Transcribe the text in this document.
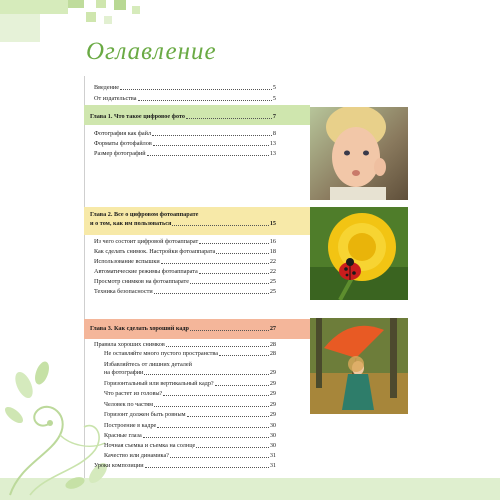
Оглавление
Введение	5
От издательства	5
Глава 1. Что такое цифровое фото	7
Фотография как файл	8
Форматы фотофайлов	13
Размер фотографий	13
Глава 2. Все о цифровом фотоаппарате
и о том, как им пользоваться	15
Из чего состоит цифровой фотоаппарат	16
Как сделать снимок. Настройки фотоаппарата	18
Использование вспышки	22
Автоматические режимы фотоаппарата	22
Просмотр снимков на фотоаппарате	25
Техника безопасности	25
Глава 3. Как сделать хороший кадр	27
Правила хороших снимков	28
Не оставляйте много пустого пространства	28
Избавляйтесь от лишних деталей
на фотографии	29
Горизонтальный или вертикальный кадр?	29
Что растет из головы?	29
Человек по частям	29
Горизонт должен быть ровным	29
Построение в кадре	30
Красные глаза	30
Ночная съемка и съемка на солнце	30
Качество или динамика?	31
Уроки композиции	31
